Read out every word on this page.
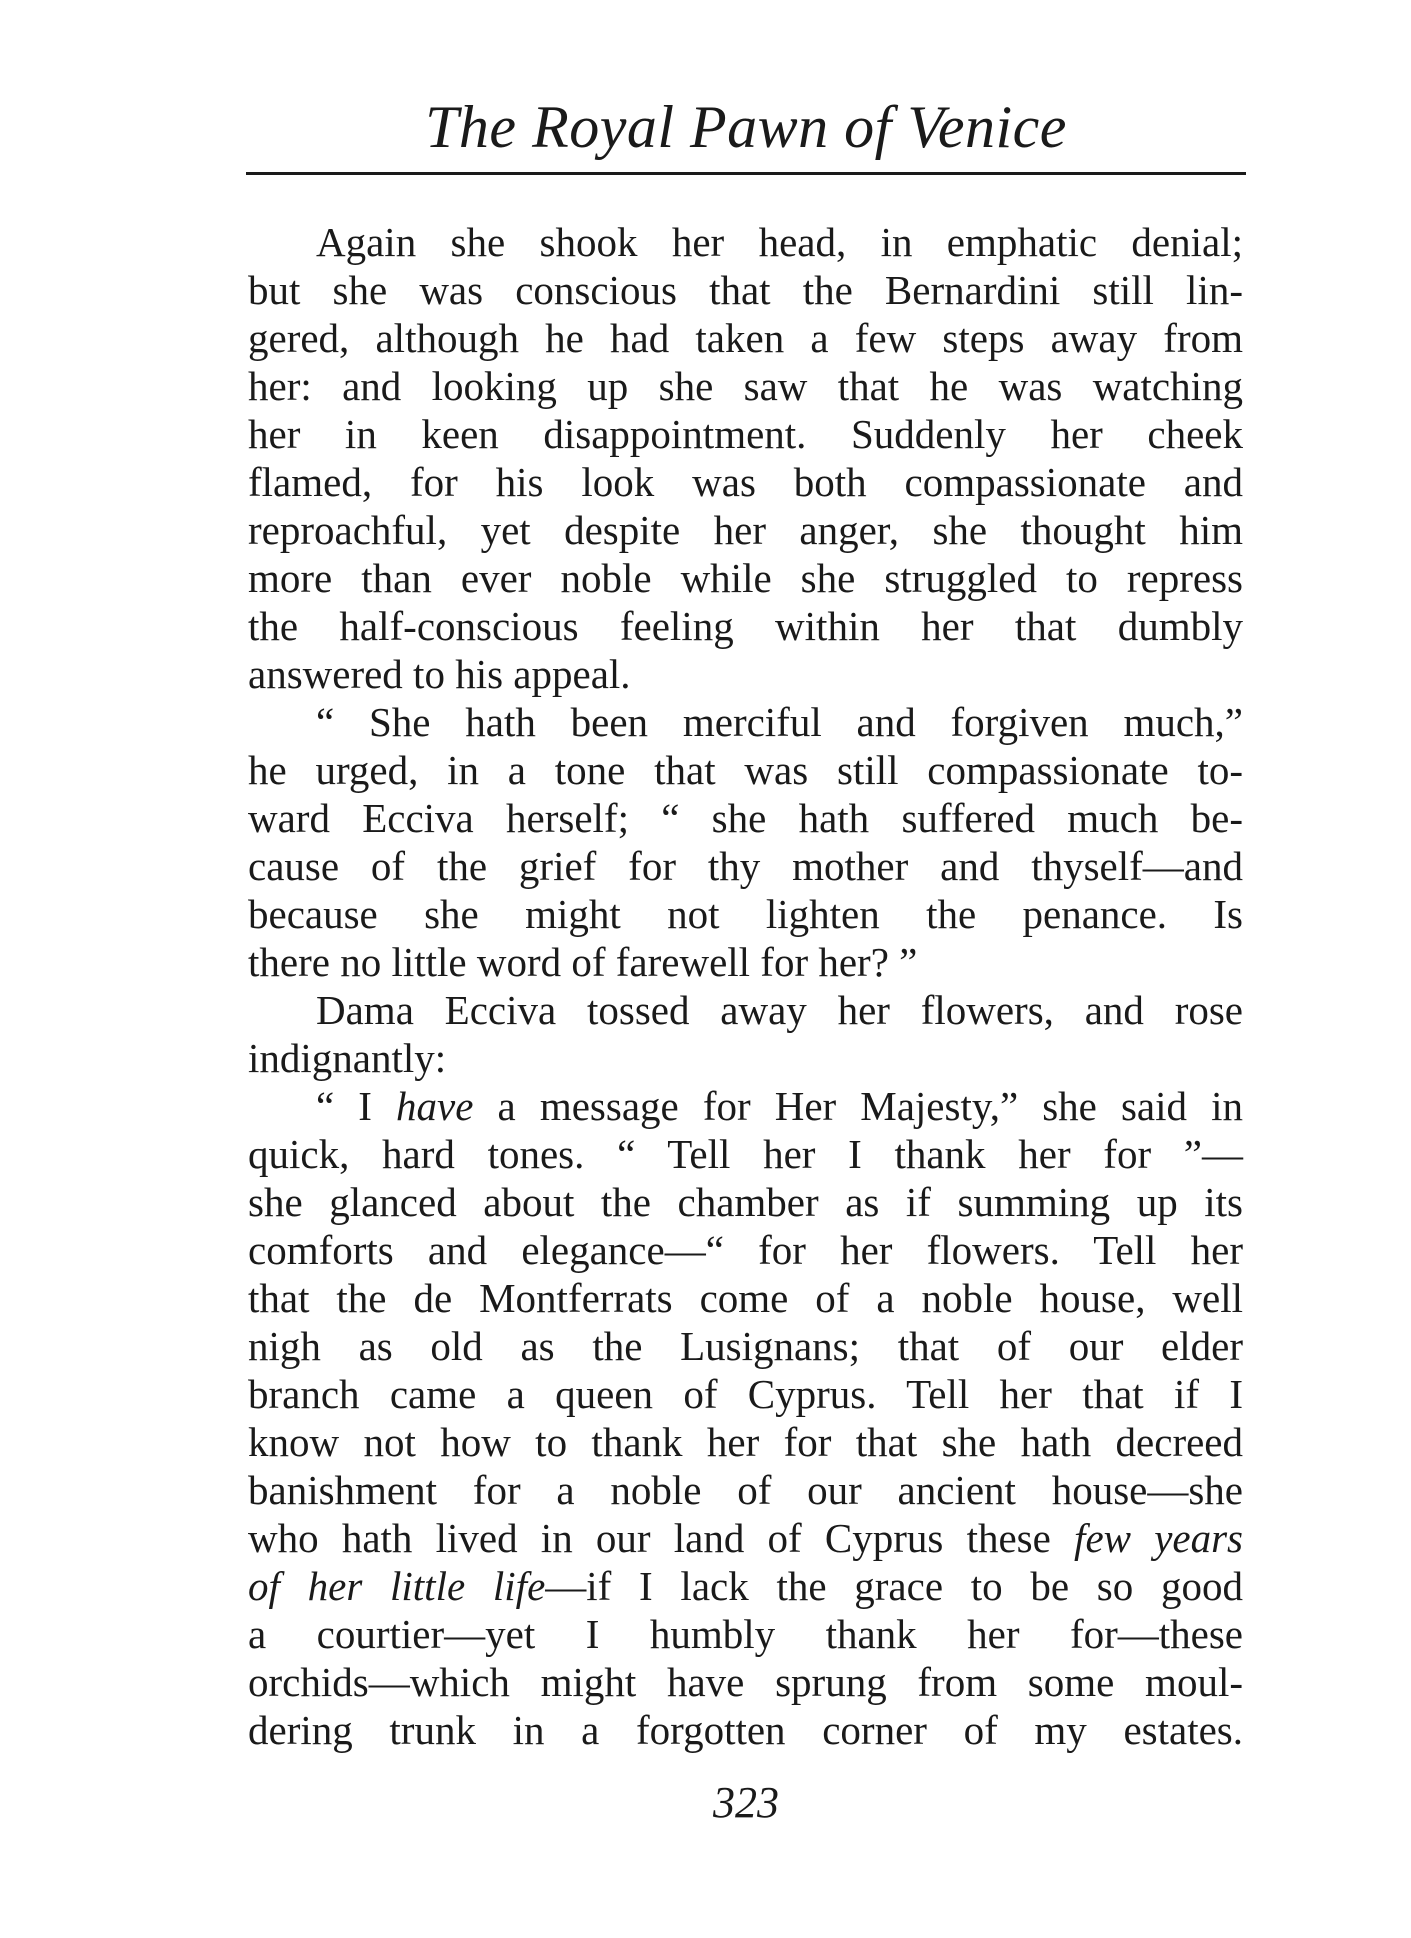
The Royal Pawn of Venice
Again she shook her head, in emphatic denial;
but she was conscious that the Bernardini still lin-
gered, although he had taken a few steps away from
her: and looking up she saw that he was watching
her in keen disappointment. Suddenly her cheek
flamed, for his look was both compassionate and
reproachful, yet despite her anger, she thought him
more than ever noble while she struggled to repress
the half-conscious feeling within her that dumbly
answered to his appeal.
“ She hath been merciful and forgiven much,”
he urged, in a tone that was still compassionate to-
ward Ecciva herself; “ she hath suffered much be-
cause of the grief for thy mother and thyself—and
because she might not lighten the penance. Is
there no little word of farewell for her? ”
Dama Ecciva tossed away her flowers, and rose
indignantly:
“ I have a message for Her Majesty,” she said in
quick, hard tones. “ Tell her I thank her for ”—
she glanced about the chamber as if summing up its
comforts and elegance—“ for her flowers. Tell her
that the de Montferrats come of a noble house, well
nigh as old as the Lusignans; that of our elder
branch came a queen of Cyprus. Tell her that if I
know not how to thank her for that she hath decreed
banishment for a noble of our ancient house—she
who hath lived in our land of Cyprus these few years
of her little life—if I lack the grace to be so good
a courtier—yet I humbly thank her for—these
orchids—which might have sprung from some moul-
dering trunk in a forgotten corner of my estates.
323
